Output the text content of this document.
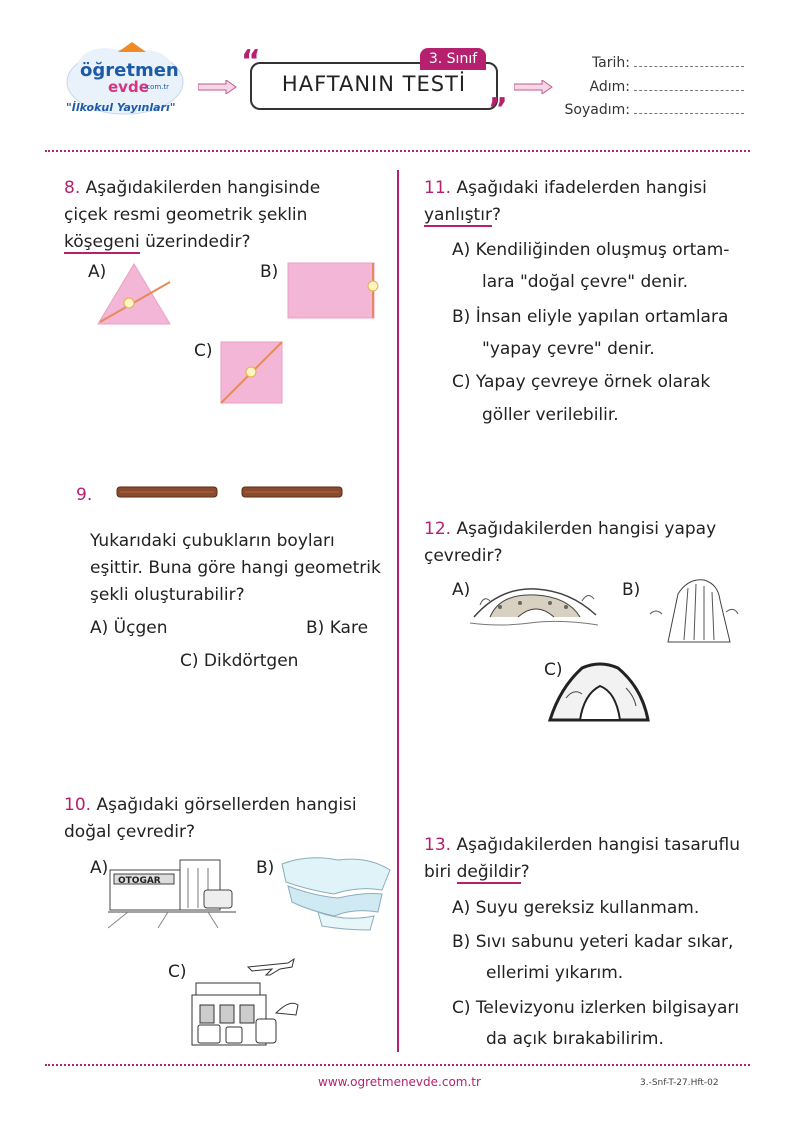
öğretmen
evde
.com.tr
"İlkokul Yayınları"
3. Sınıf
HAFTANIN TESTİ
“
”
Tarih:
Adım:
Soyadım:
8. Aşağıdakilerden hangisinde çiçek resmi geometrik şeklin köşegeni üzerindedir?
A)	B)
C)
9.
Yukarıdaki çubukların boyları eşittir. Buna göre hangi geometrik şekli oluşturabilir?
A) Üçgen	B) Kare
C) Dikdörtgen
10. Aşağıdaki görsellerden hangisi doğal çevredir?
A)
OTOGAR
B)
C)
11. Aşağıdaki ifadelerden hangisi
yanlıştır?
A) Kendiliğinden oluşmuş ortam-
lara "doğal çevre" denir.
B) İnsan eliyle yapılan ortamlara
"yapay çevre" denir.
C) Yapay çevreye örnek olarak
göller verilebilir.
12. Aşağıdakilerden hangisi yapay çevredir?
A)	B)
C)
13. Aşağıdakilerden hangisi tasaruflu biri değildir?
A) Suyu gereksiz kullanmam.
B) Sıvı sabunu yeteri kadar sıkar,
ellerimi yıkarım.
C) Televizyonu izlerken bilgisayarı
da açık bırakabilirim.
www.ogretmenevde.com.tr	3.-Snf-T-27.Hft-02
